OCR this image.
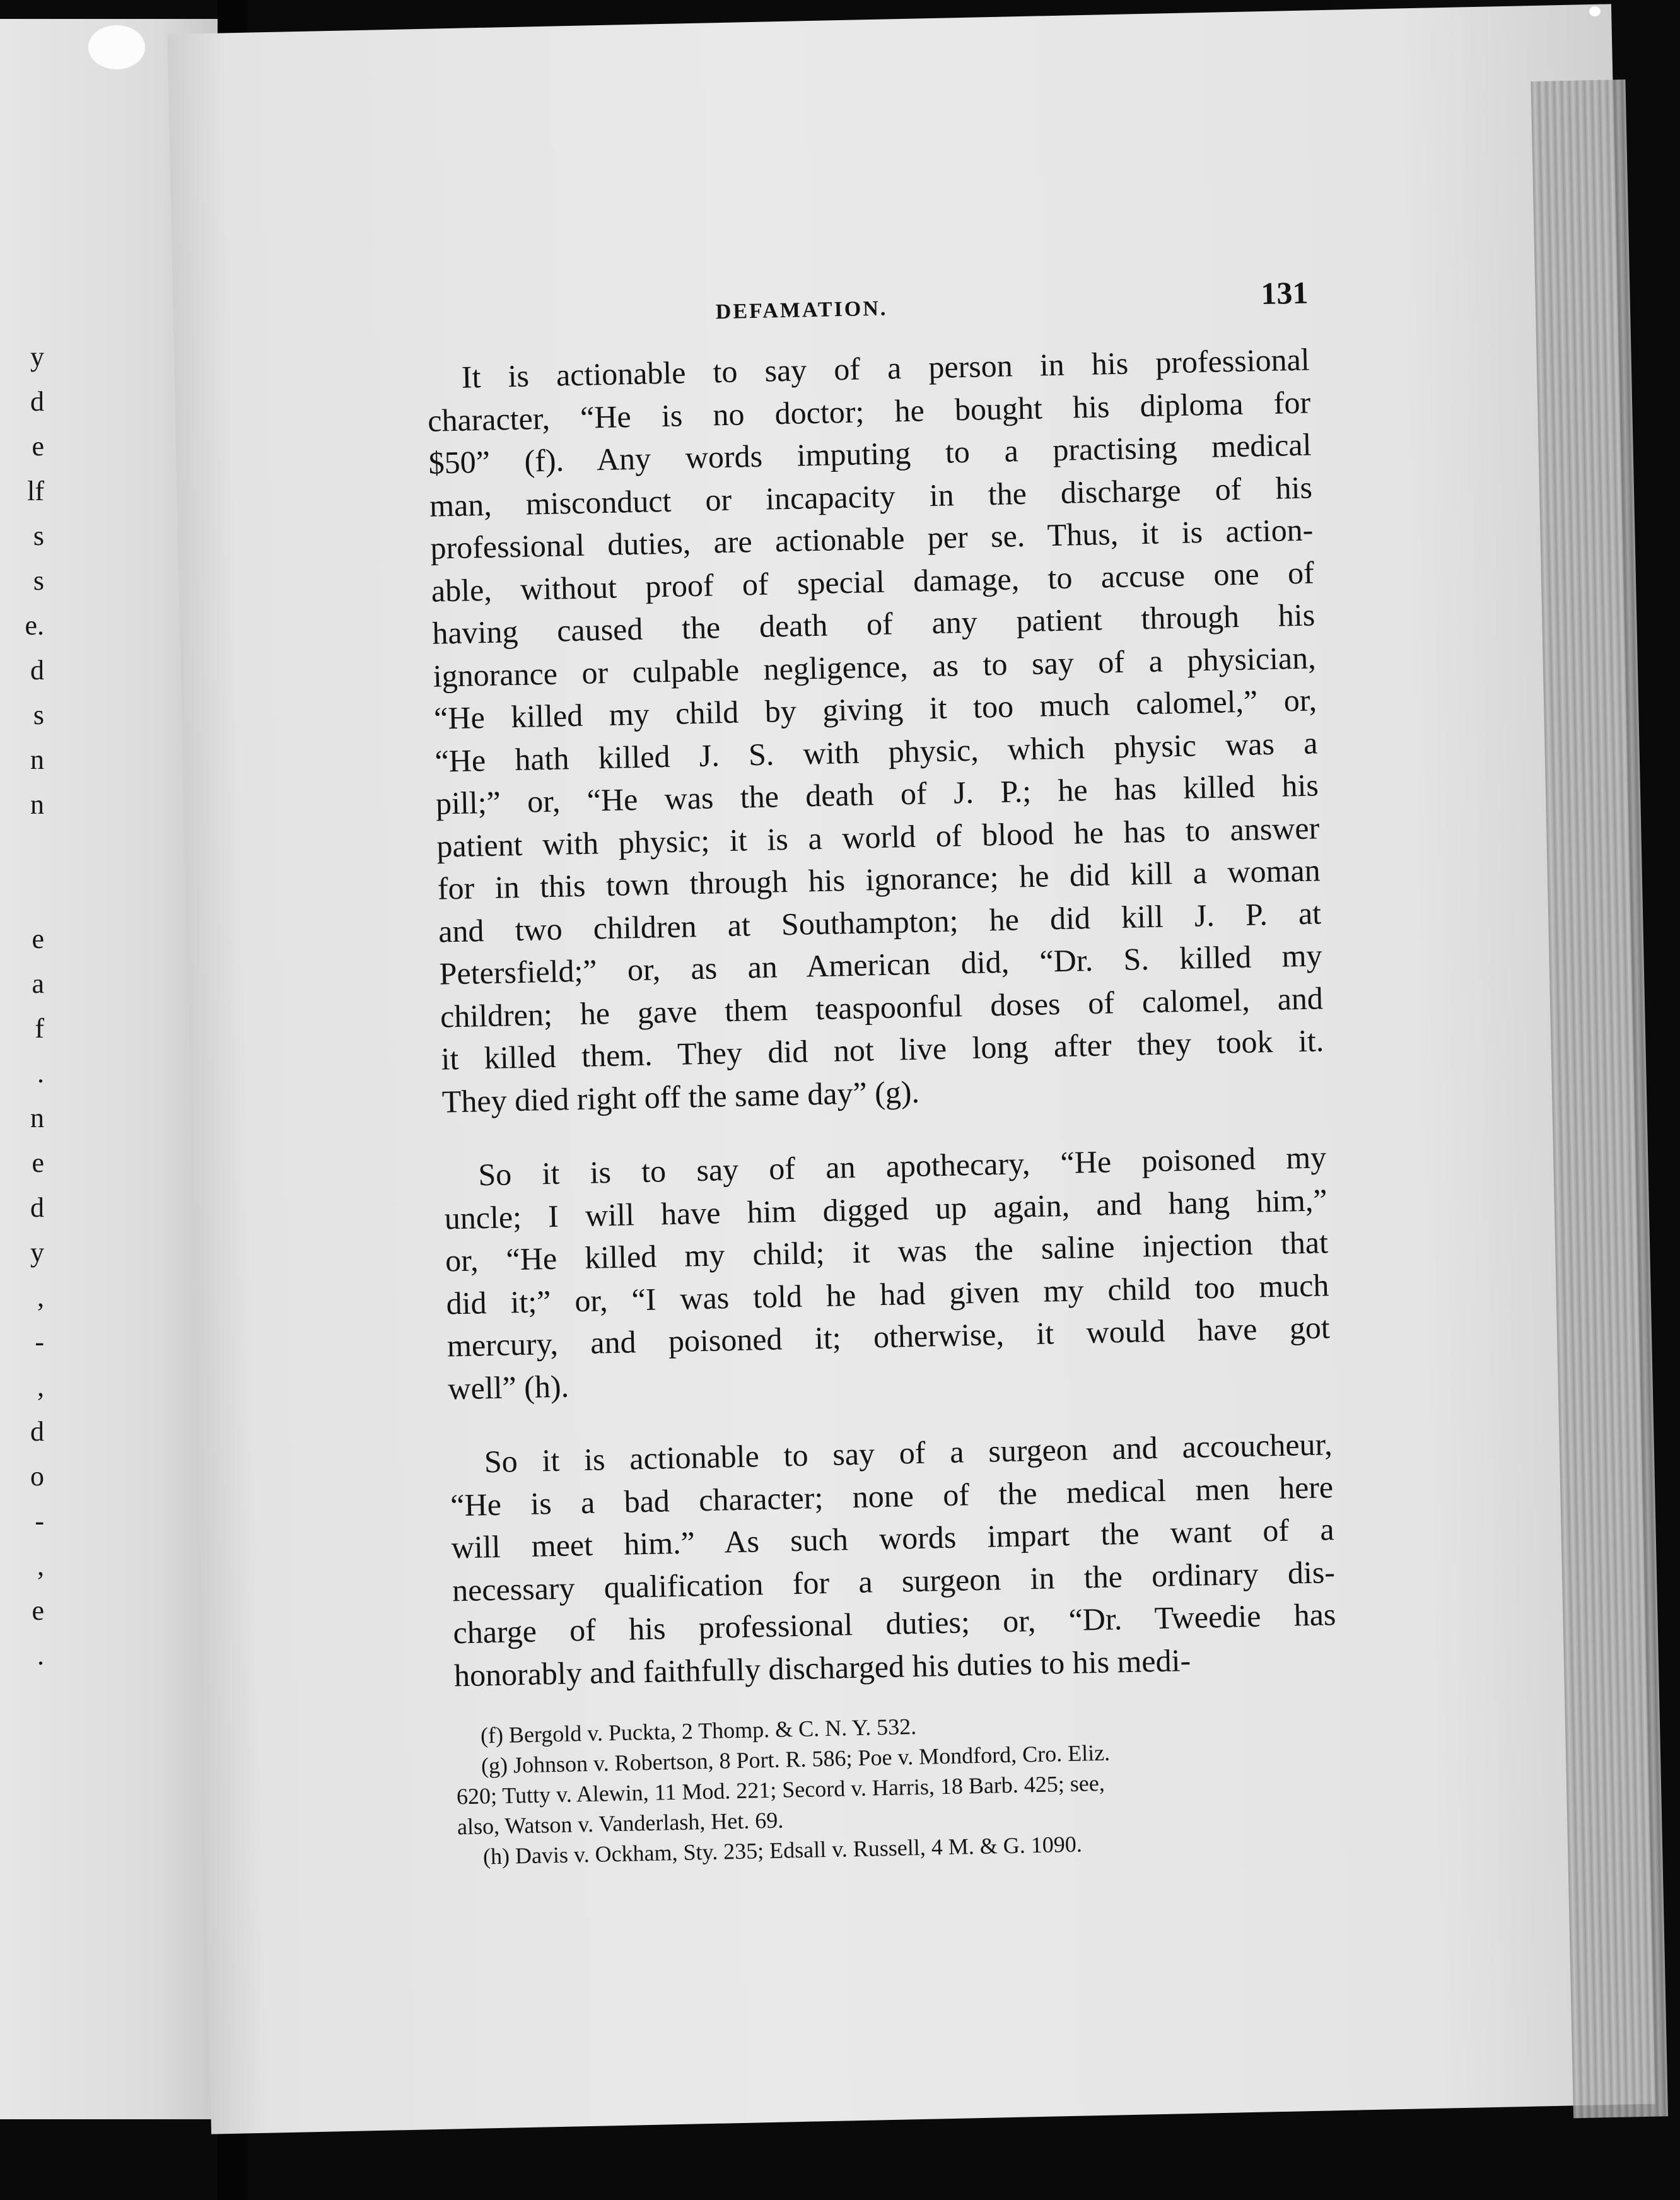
y
d
e
lf
s
s
e.
d
s
n
n
e
a
f
.
n
e
d
y
,
-
,
d
o
-
,
e
.
DEFAMATION.	131

It is actionable to say of a person in his professional
character, “He is no doctor; he bought his diploma for
$50” (f). Any words imputing to a practising medical
man, misconduct or incapacity in the discharge of his
professional duties, are actionable per se. Thus, it is action-
able, without proof of special damage, to accuse one of
having caused the death of any patient through his
ignorance or culpable negligence, as to say of a physician,
“He killed my child by giving it too much calomel,” or,
“He hath killed J. S. with physic, which physic was a
pill;” or, “He was the death of J. P.; he has killed his
patient with physic; it is a world of blood he has to answer
for in this town through his ignorance; he did kill a woman
and two children at Southampton; he did kill J. P. at
Petersfield;” or, as an American did, “Dr. S. killed my
children; he gave them teaspoonful doses of calomel, and
it killed them. They did not live long after they took it.
They died right off the same day” (g).

So it is to say of an apothecary, “He poisoned my
uncle; I will have him digged up again, and hang him,”
or, “He killed my child; it was the saline injection that
did it;” or, “I was told he had given my child too much
mercury, and poisoned it; otherwise, it would have got
well” (h).

So it is actionable to say of a surgeon and accoucheur,
“He is a bad character; none of the medical men here
will meet him.” As such words impart the want of a
necessary qualification for a surgeon in the ordinary dis-
charge of his professional duties; or, “Dr. Tweedie has
honorably and faithfully discharged his duties to his medi-

(f) Bergold v. Puckta, 2 Thomp. & C. N. Y. 532.
(g) Johnson v. Robertson, 8 Port. R. 586; Poe v. Mondford, Cro. Eliz.
620; Tutty v. Alewin, 11 Mod. 221; Secord v. Harris, 18 Barb. 425; see,
also, Watson v. Vanderlash, Het. 69.
(h) Davis v. Ockham, Sty. 235; Edsall v. Russell, 4 M. & G. 1090.
